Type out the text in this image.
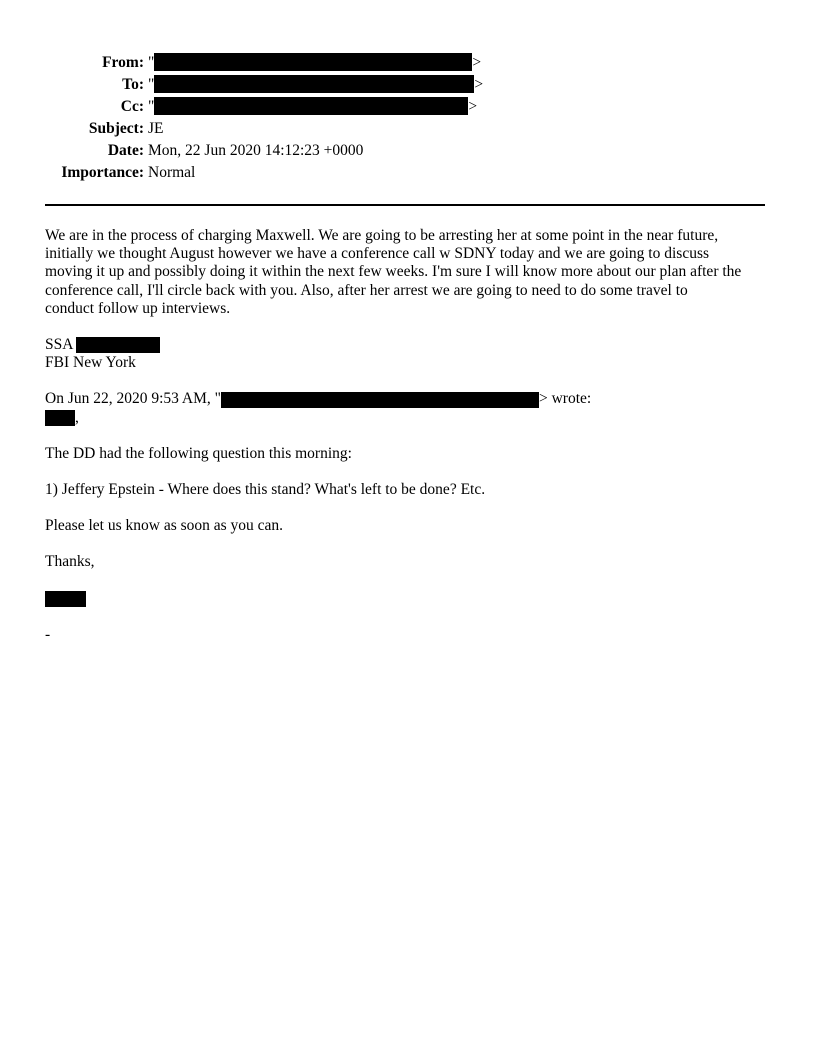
From: "	>
To: "	>
Cc: "	>
Subject: JE
Date: Mon, 22 Jun 2020 14:12:23 +0000
Importance: Normal

We are in the process of charging Maxwell. We are going to be arresting her at some point in the near future,

initially we thought August however we have a conference call w SDNY today and we are going to discuss

moving it up and possibly doing it within the next few weeks. I'm sure I will know more about our plan after the

conference call, I'll circle back with you. Also, after her arrest we are going to need to do some travel to

conduct follow up interviews.

SSA

FBI New York

On Jun 22, 2020 9:53 AM, "	> wrote:
,

The DD had the following question this morning:

1) Jeffery Epstein - Where does this stand? What's left to be done? Etc.

Please let us know as soon as you can.

Thanks,

-
